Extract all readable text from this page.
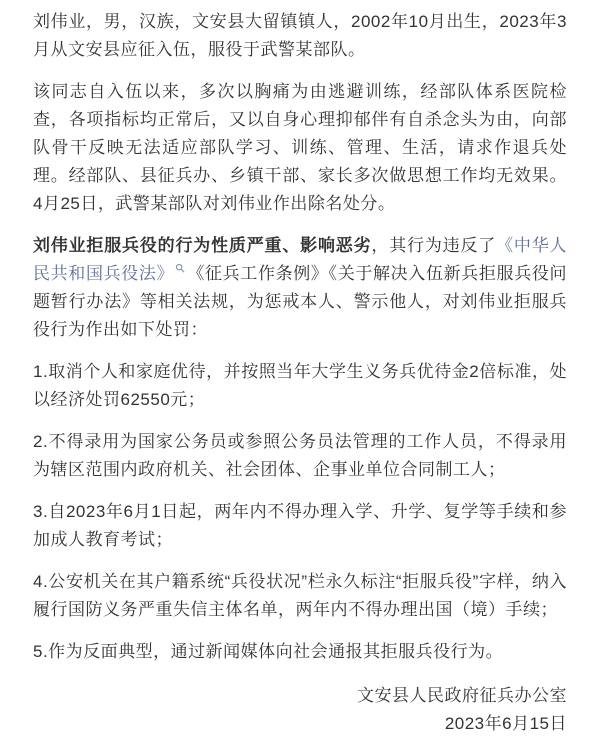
刘伟业，男，汉族，文安县大留镇镇人，2002年10月出生，2023年3月从文安县应征入伍，服役于武警某部队。

该同志自入伍以来，多次以胸痛为由逃避训练，经部队体系医院检查，各项指标均正常后，又以自身心理抑郁伴有自杀念头为由，向部队骨干反映无法适应部队学习、训练、管理、生活，请求作退兵处理。经部队、县征兵办、乡镇干部、家长多次做思想工作均无效果。4月25日，武警某部队对刘伟业作出除名处分。

刘伟业拒服兵役的行为性质严重、影响恶劣，其行为违反了《中华人民共和国兵役法》 《征兵工作条例》《关于解决入伍新兵拒服兵役问题暂行办法》等相关法规，为惩戒本人、警示他人，对刘伟业拒服兵役行为作出如下处罚：

1.取消个人和家庭优待，并按照当年大学生义务兵优待金2倍标准，处以经济处罚62550元；

2.不得录用为国家公务员或参照公务员法管理的工作人员，不得录用为辖区范围内政府机关、社会团体、企事业单位合同制工人；

3.自2023年6月1日起，两年内不得办理入学、升学、复学等手续和参加成人教育考试；

4.公安机关在其户籍系统“兵役状况”栏永久标注“拒服兵役”字样，纳入履行国防义务严重失信主体名单，两年内不得办理出国（境）手续；

5.作为反面典型，通过新闻媒体向社会通报其拒服兵役行为。

文安县人民政府征兵办公室

2023年6月15日
